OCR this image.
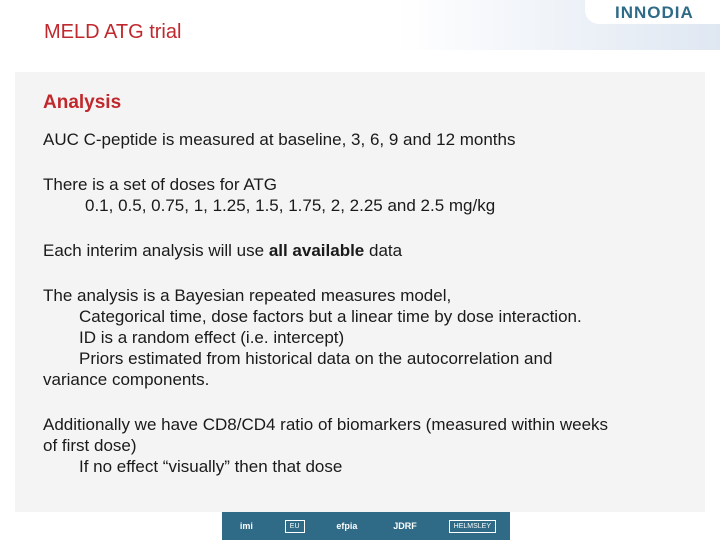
MELD ATG trial
INNODIA

Analysis

AUC C-peptide is measured at baseline, 3, 6, 9 and 12 months

There is a set of doses for ATG

0.1, 0.5, 0.75, 1, 1.25, 1.5, 1.75, 2, 2.25 and 2.5 mg/kg

Each interim analysis will use all available data

The analysis is a Bayesian repeated measures model,

Categorical time, dose factors but a linear time by dose interaction.

ID is a random effect (i.e. intercept)

Priors estimated from historical data on the autocorrelation and

variance components.

Additionally we have CD8/CD4 ratio of biomarkers (measured within weeks

of first dose)

If no effect “visually” then that dose

imi	EU	efpia	JDRF	HELMSLEY
